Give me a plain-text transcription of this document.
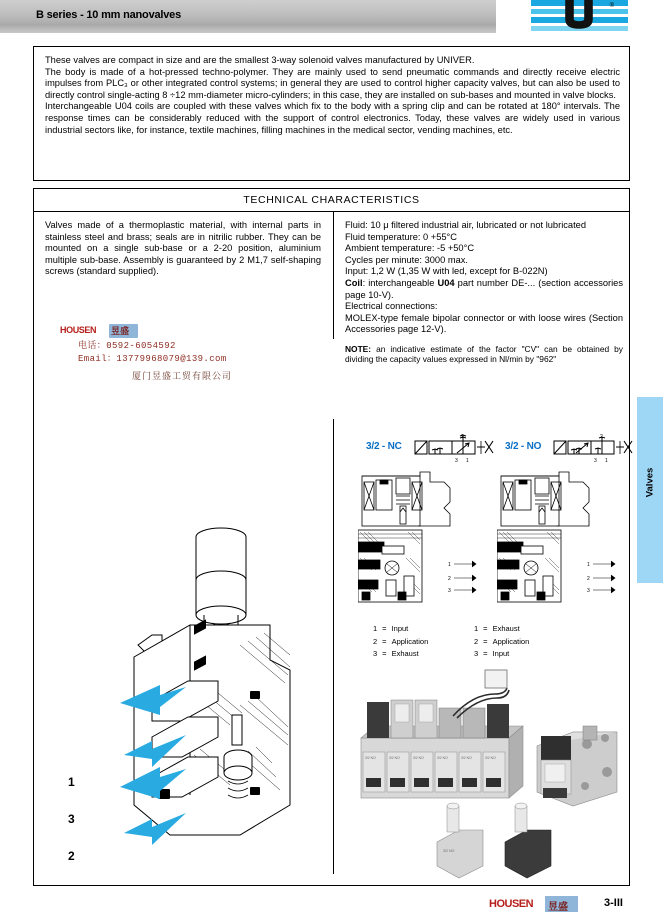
B series - 10 mm nanovalves
®

These valves are compact in size and are the smallest 3-way solenoid valves manufactured by UNIVER.

The body is made of a hot-pressed techno-polymer. They are mainly used to send pneumatic commands and directly receive electric impulses from PLC₃ or other integrated control systems; in general they are used to control higher capacity valves, but can also be used to directly control single-acting 8 ÷12 mm-diameter micro-cylinders; in this case, they are installed on sub-bases and mounted in valve blocks.

Interchangeable U04 coils are coupled with these valves which fix to the body with a spring clip and can be rotated at 180° intervals. The response times can be considerably reduced with the support of control electronics. Today, these valves are widely used in various industrial sectors like, for instance, textile machines, filling machines in the medical sector, vending machines, etc.

TECHNICAL CHARACTERISTICS
Valves made of a thermoplastic material, with internal parts in stainless steel and brass; seals are in nitrilic rubber. They can be mounted on a single sub-base or a 2-20 position, aluminium multiple sub-base. Assembly is guaranteed by 2 M1,7 self-shaping screws (standard supplied).
Fluid: 10 μ filtered industrial air, lubricated or not lubricated
Fluid temperature: 0 +55°C
Ambient temperature: -5 +50°C
Cycles per minute: 3000 max.
Input: 1,2 W (1,35 W with led, except for B-022N)
Coil: interchangeable U04 part number DE-... (section accessories page 10-V).
Electrical connections:
MOLEX-type female bipolar connector or with loose wires (Section Accessories page 12-V).
NOTE: an indicative estimate of the factor "CV" can be obtained by dividing the capacity values expressed in Nl/min by "962"
HOUSEN 昱盛
电话：0592-6054592
Email：13779968079@139.com
厦门昱盛工贸有限公司
Valves
3/2 - NC	3/2 - NO
2
3 1
2
3 1
1
2
3
1
2
3
1	=	Input
2	=	Application
3	=	Exhaust
1	=	Exhaust
2	=	Application
3	=	Input
1
3
2
3/2 NO	3/2 NO	3/2 NO	3/2 NO	3/2 NO	3/2 NO
3/2 NO
HOUSEN 昱盛	3-III
